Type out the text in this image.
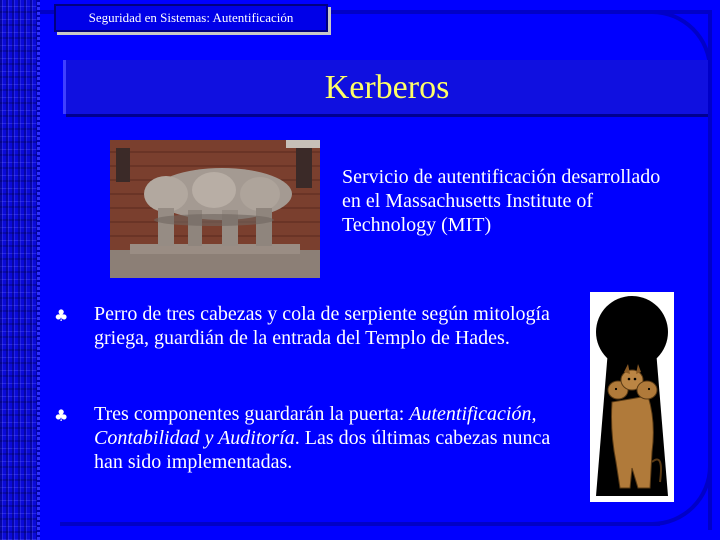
Seguridad en Sistemas: Autentificación
Kerberos
Servicio de autentificación desarrollado en el Massachusetts Institute of Technology (MIT)
♣ Perro de tres cabezas y cola de serpiente según mitología griega, guardián de la entrada del Templo de Hades.
♣ Tres componentes guardarán la puerta: Autentificación, Contabilidad y Auditoría. Las dos últimas cabezas nunca han sido implementadas.
